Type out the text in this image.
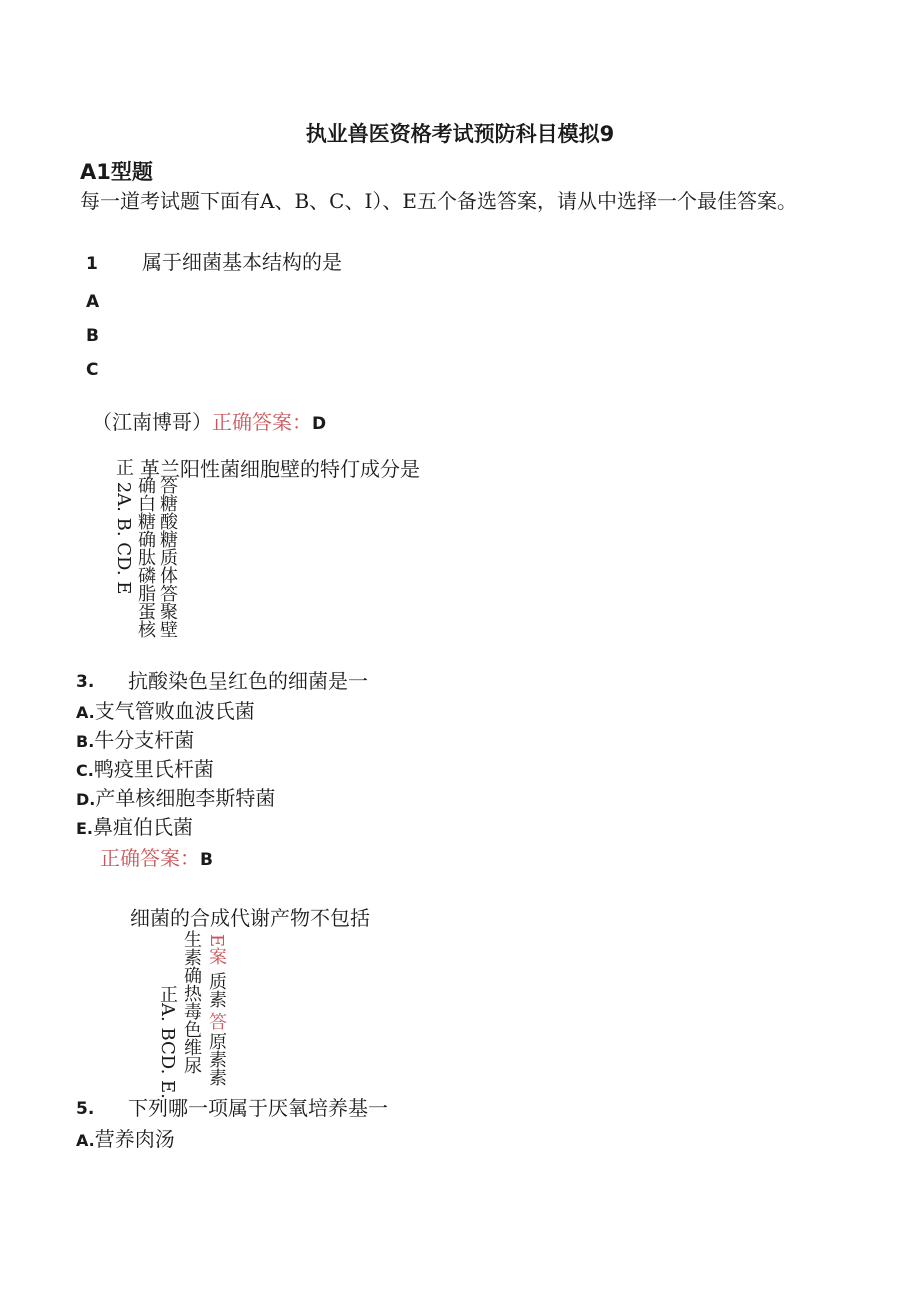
执业兽医资格考试预防科目模拟9
A1型题
每一道考试题下面有A、B、C、I）、E五个备选答案，请从中选择一个最佳答案。
1 属于细菌基本结构的是
A
B
C
（江南博哥）正确答案：D
革兰阳性菌细胞壁的特仃成分是
正 2A. B. CD. E 确白糖确肽磷脂蛋核 答糖酸糖质体答聚壁
3. 抗酸染色呈红色的细菌是一
A.支气管败血波氏菌
B.牛分支杆菌
C.鸭疫里氏杆菌
D.产单核细胞李斯特菌
E.鼻疽伯氏菌
正确答案：B
细菌的合成代谢产物不包括
正A. BCD. E. 生素确热毒色维尿 E案
质素
答
原素素
5. 下列哪一项属于厌氧培养基一
A.营养肉汤
